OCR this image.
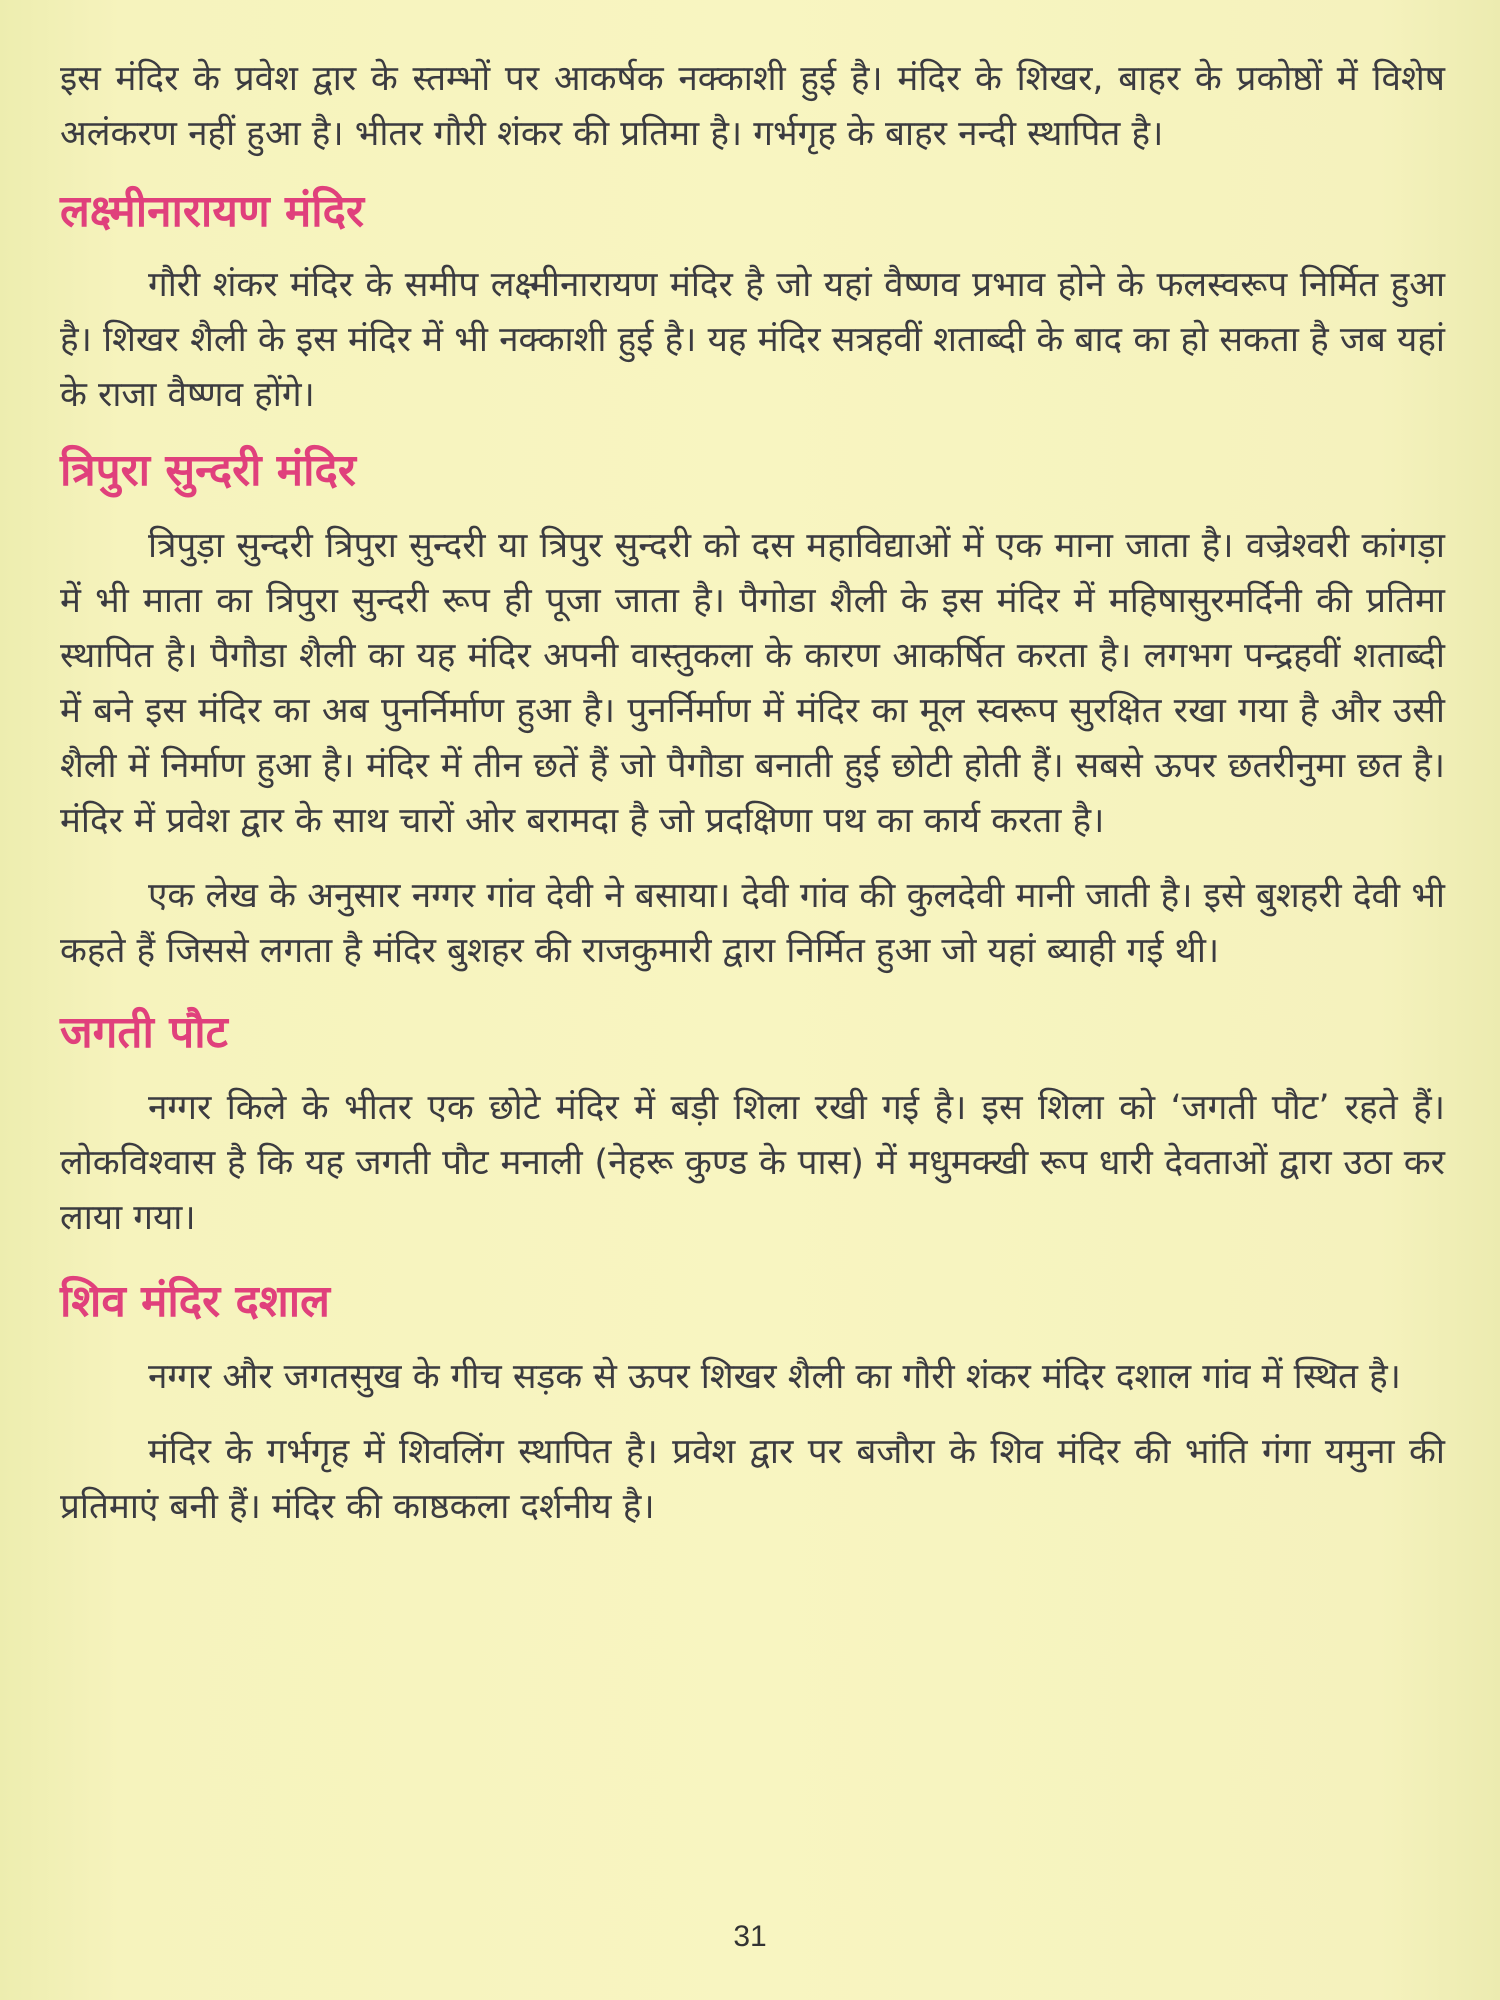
इस मंदिर के प्रवेश द्वार के स्तम्भों पर आकर्षक नक्काशी हुई है। मंदिर के शिखर, बाहर के प्रकोष्ठों में विशेष अलंकरण नहीं हुआ है। भीतर गौरी शंकर की प्रतिमा है। गर्भगृह के बाहर नन्दी स्थापित है।

लक्ष्मीनारायण मंदिर

गौरी शंकर मंदिर के समीप लक्ष्मीनारायण मंदिर है जो यहां वैष्णव प्रभाव होने के फलस्वरूप निर्मित हुआ है। शिखर शैली के इस मंदिर में भी नक्काशी हुई है। यह मंदिर सत्रहवीं शताब्दी के बाद का हो सकता है जब यहां के राजा वैष्णव होंगे।

त्रिपुरा सुन्दरी मंदिर

त्रिपुड़ा सुन्दरी त्रिपुरा सुन्दरी या त्रिपुर सुन्दरी को दस महाविद्याओं में एक माना जाता है। वज्रेश्वरी कांगड़ा में भी माता का त्रिपुरा सुन्दरी रूप ही पूजा जाता है। पैगोडा शैली के इस मंदिर में महिषासुरमर्दिनी की प्रतिमा स्थापित है। पैगौडा शैली का यह मंदिर अपनी वास्तुकला के कारण आकर्षित करता है। लगभग पन्द्रहवीं शताब्दी में बने इस मंदिर का अब पुनर्निर्माण हुआ है। पुनर्निर्माण में मंदिर का मूल स्वरूप सुरक्षित रखा गया है और उसी शैली में निर्माण हुआ है। मंदिर में तीन छतें हैं जो पैगौडा बनाती हुई छोटी होती हैं। सबसे ऊपर छतरीनुमा छत है। मंदिर में प्रवेश द्वार के साथ चारों ओर बरामदा है जो प्रदक्षिणा पथ का कार्य करता है।

एक लेख के अनुसार नग्गर गांव देवी ने बसाया। देवी गांव की कुलदेवी मानी जाती है। इसे बुशहरी देवी भी कहते हैं जिससे लगता है मंदिर बुशहर की राजकुमारी द्वारा निर्मित हुआ जो यहां ब्याही गई थी।

जगती पौट

नग्गर किले के भीतर एक छोटे मंदिर में बड़ी शिला रखी गई है। इस शिला को ‘जगती पौट’ रहते हैं। लोकविश्वास है कि यह जगती पौट मनाली (नेहरू कुण्ड के पास) में मधुमक्खी रूप धारी देवताओं द्वारा उठा कर लाया गया।

शिव मंदिर दशाल

नग्गर और जगतसुख के गीच सड़क से ऊपर शिखर शैली का गौरी शंकर मंदिर दशाल गांव में स्थित है।

मंदिर के गर्भगृह में शिवलिंग स्थापित है। प्रवेश द्वार पर बजौरा के शिव मंदिर की भांति गंगा यमुना की प्रतिमाएं बनी हैं। मंदिर की काष्ठकला दर्शनीय है।

31
